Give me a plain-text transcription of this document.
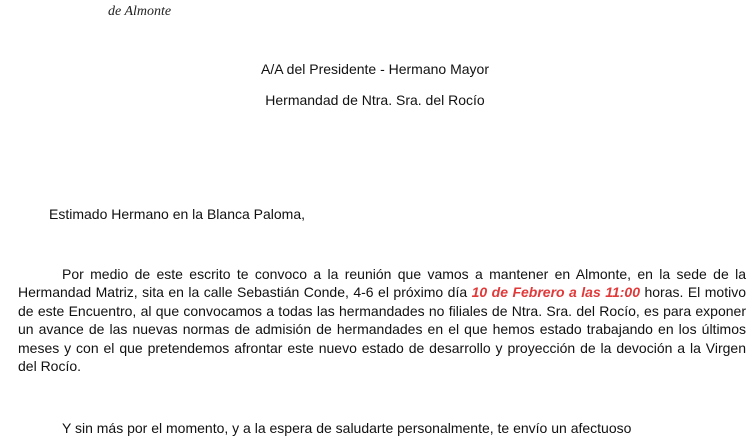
de Almonte
A/A del Presidente - Hermano Mayor
Hermandad de Ntra. Sra. del Rocío
Estimado Hermano en la Blanca Paloma,
Por medio de este escrito te convoco a la reunión que vamos a mantener en Almonte, en la sede de la Hermandad Matriz, sita en la calle Sebastián Conde, 4-6 el próximo día 10 de Febrero a las 11:00 horas. El motivo de este Encuentro, al que convocamos a todas las hermandades no filiales de Ntra. Sra. del Rocío, es para exponer un avance de las nuevas normas de admisión de hermandades en el que hemos estado trabajando en los últimos meses y con el que pretendemos afrontar este nuevo estado de desarrollo y proyección de la devoción a la Virgen del Rocío.
Y sin más por el momento, y a la espera de saludarte personalmente, te envío un afectuoso
